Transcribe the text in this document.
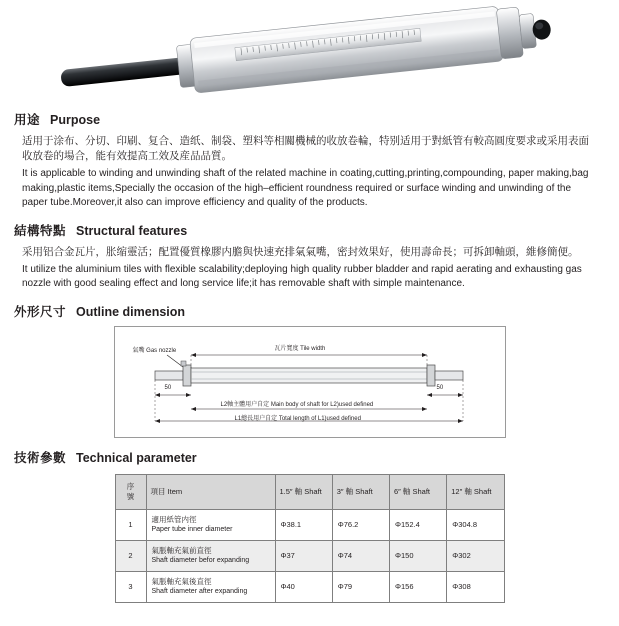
用途 Purpose
适用于涂布、分切、印刷、复合、造纸、制袋、塑料等相關機械的收放卷輪，特别适用于對紙管有較高圓度要求或采用表面收放卷的場合，能有效提高工效及産品品質。
It is applicable to winding and unwinding shaft of the related machine in coating,cutting,printing,compounding, paper making,bag making,plastic items,Specially the occasion of the high–efficient roundness required or surface winding and unwinding of the paper tube.Moreover,it also can improve efficiency and quality of the products.
結構特點 Structural features
采用铝合金瓦片，胀缩靈活；配置優質橡膠内膽與快速充排氣氣嘴，密封效果好，使用壽命長；可拆卸軸頭，維修簡便。
It utilize the aluminium tiles with flexible scalability;deploying high quality rubber bladder and rapid aerating and exhausting gas nozzle with good sealing effect and long service life;it has removable shaft with simple maintenance.
外形尺寸 Outline dimension
氣嘴 Gas nozzle	瓦片寬度 Tile width
50	50
L2軸主體用户自定 Main body of shaft for L2)used defined
L1總長用户自定 Total length of L1)used defined
技術參數 Technical parameter
序
號	項目 Item	1.5″ 軸 Shaft	3″ 軸 Shaft	6″ 軸 Shaft	12″ 軸 Shaft
1	適用紙管内徑
Paper tube inner diameter	Φ38.1	Φ76.2	Φ152.4	Φ304.8
2	氣脹軸充氣前直徑
Shaft diameter befor expanding	Φ37	Φ74	Φ150	Φ302
3	氣脹軸充氣後直徑
Shaft diameter after expanding	Φ40	Φ79	Φ156	Φ308
